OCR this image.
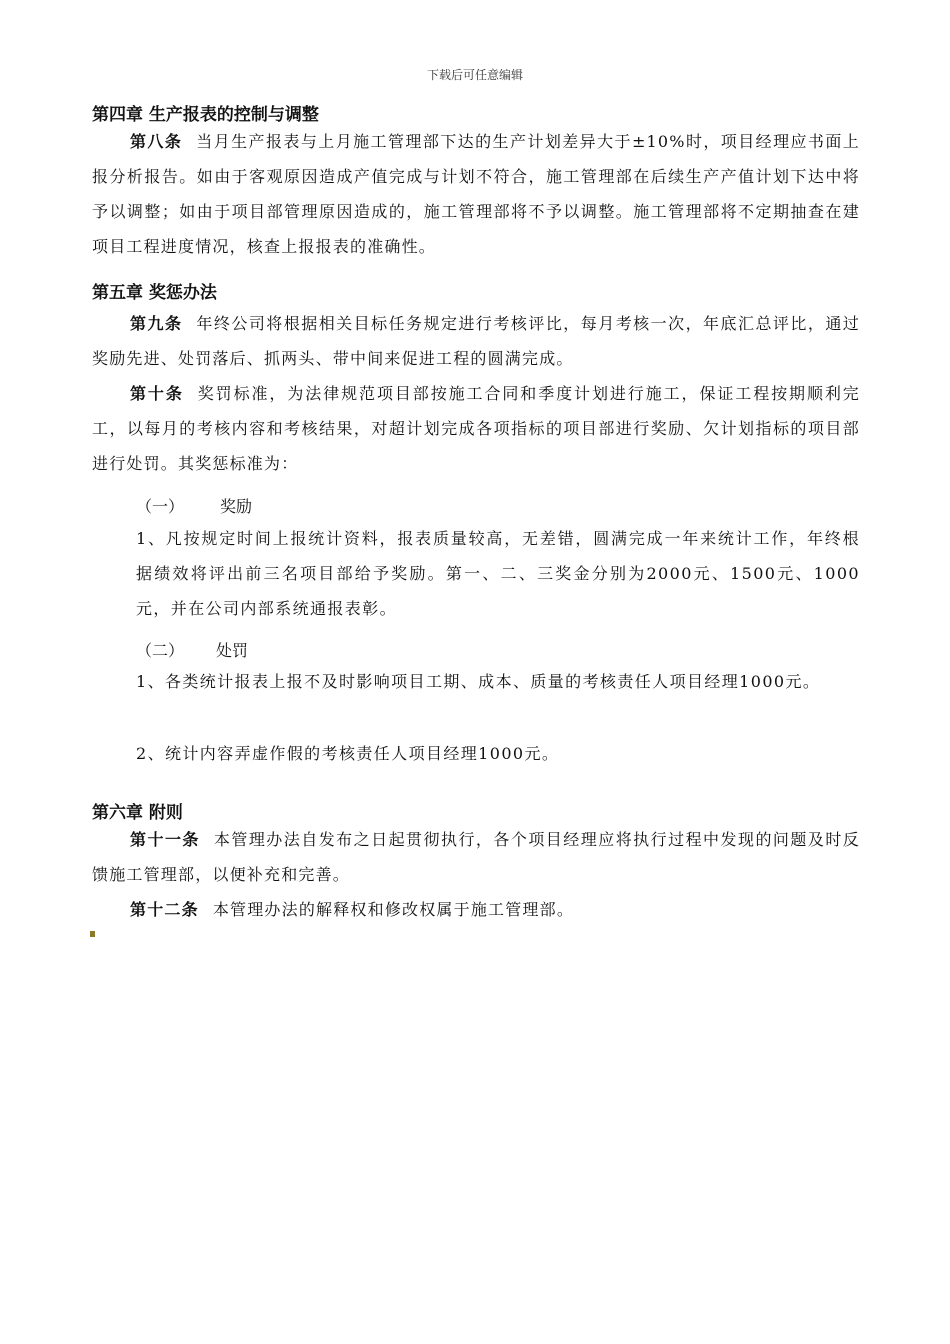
下载后可任意编辑
第四章 生产报表的控制与调整
第八条 当月生产报表与上月施工管理部下达的生产计划差异大于±10%时，项目经理应书面上报分析报告。如由于客观原因造成产值完成与计划不符合，施工管理部在后续生产产值计划下达中将予以调整；如由于项目部管理原因造成的，施工管理部将不予以调整。施工管理部将不定期抽查在建项目工程进度情况，核查上报报表的准确性。
第五章 奖惩办法
第九条 年终公司将根据相关目标任务规定进行考核评比，每月考核一次，年底汇总评比，通过奖励先进、处罚落后、抓两头、带中间来促进工程的圆满完成。
第十条 奖罚标准，为法律规范项目部按施工合同和季度计划进行施工，保证工程按期顺利完工，以每月的考核内容和考核结果，对超计划完成各项指标的项目部进行奖励、欠计划指标的项目部进行处罚。其奖惩标准为：
（一） 奖励
1、凡按规定时间上报统计资料，报表质量较高，无差错，圆满完成一年来统计工作，年终根据绩效将评出前三名项目部给予奖励。第一、二、三奖金分别为2000元、1500元、1000元，并在公司内部系统通报表彰。
（二） 处罚
1、各类统计报表上报不及时影响项目工期、成本、质量的考核责任人项目经理1000元。
2、统计内容弄虚作假的考核责任人项目经理1000元。
第六章 附则
第十一条 本管理办法自发布之日起贯彻执行，各个项目经理应将执行过程中发现的问题及时反馈施工管理部，以便补充和完善。
第十二条 本管理办法的解释权和修改权属于施工管理部。
